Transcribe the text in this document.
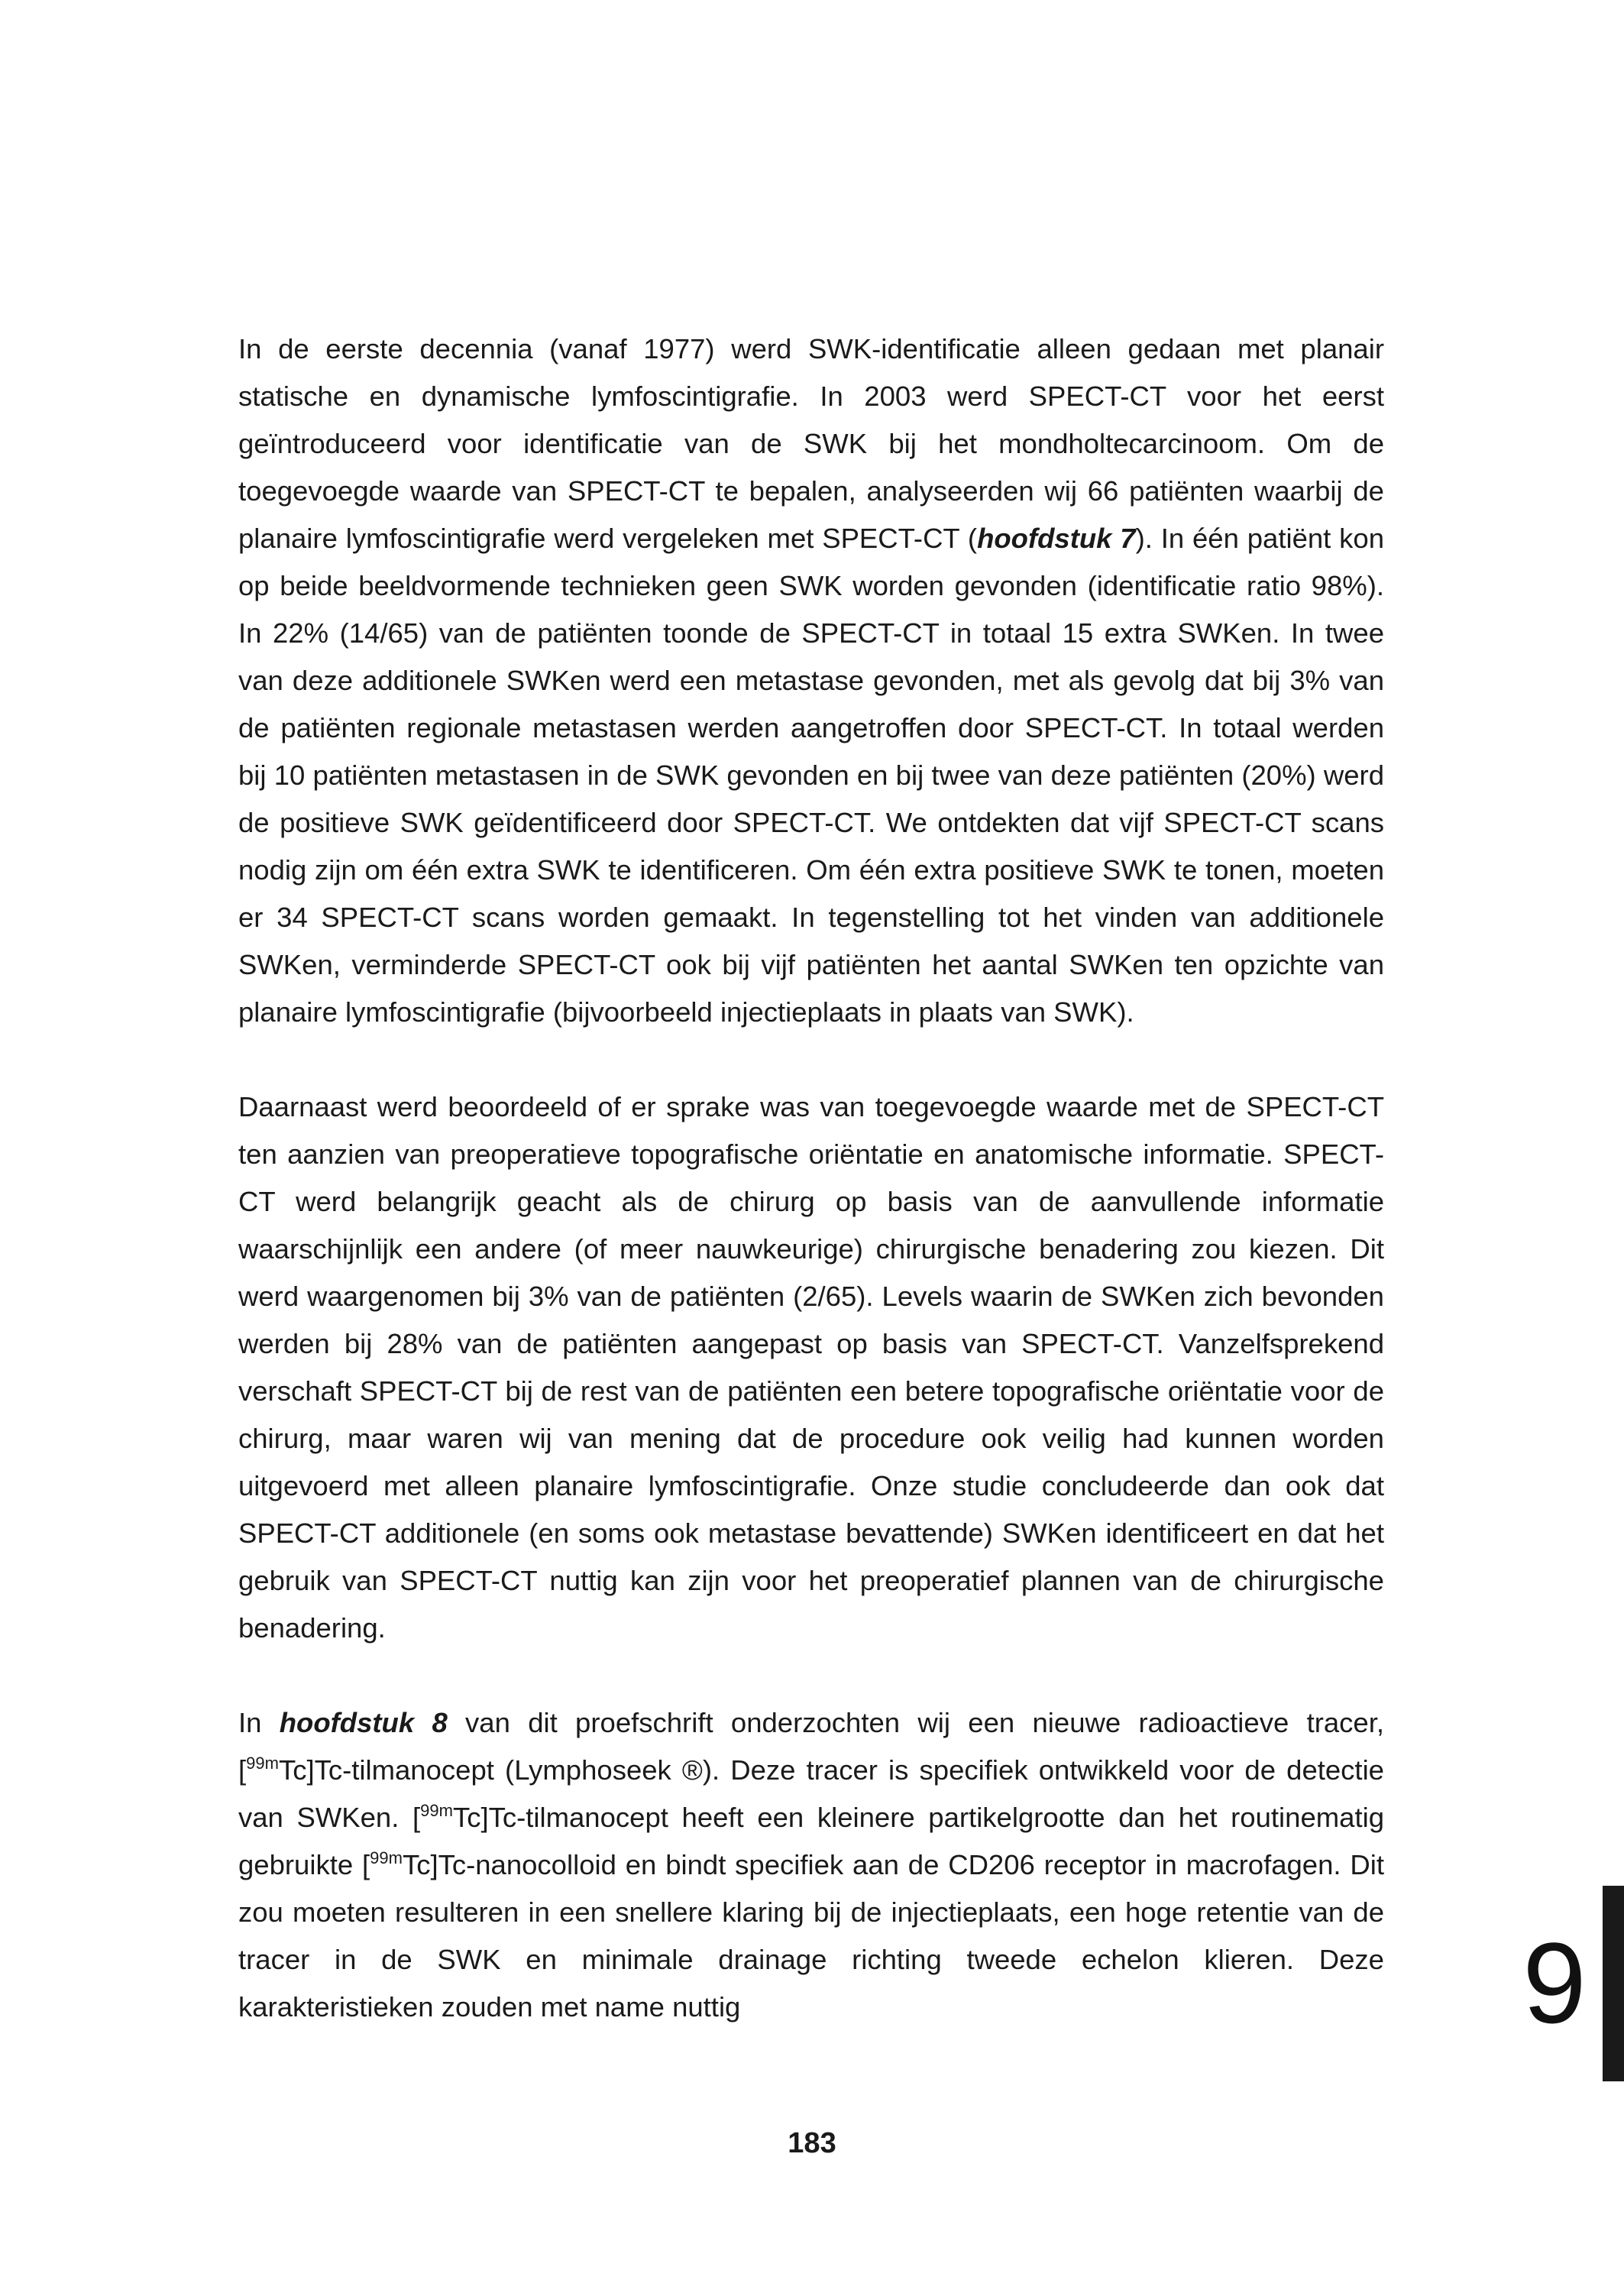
In de eerste decennia (vanaf 1977) werd SWK-identificatie alleen gedaan met planair statische en dynamische lymfoscintigrafie. In 2003 werd SPECT-CT voor het eerst geïntroduceerd voor identificatie van de SWK bij het mondholtecarcinoom. Om de toegevoegde waarde van SPECT-CT te bepalen, analyseerden wij 66 patiënten waarbij de planaire lymfoscintigrafie werd vergeleken met SPECT-CT (hoofdstuk 7). In één patiënt kon op beide beeldvormende technieken geen SWK worden gevonden (identificatie ratio 98%). In 22% (14/65) van de patiënten toonde de SPECT-CT in totaal 15 extra SWKen. In twee van deze additionele SWKen werd een metastase gevonden, met als gevolg dat bij 3% van de patiënten regionale metastasen werden aangetroffen door SPECT-CT. In totaal werden bij 10 patiënten metastasen in de SWK gevonden en bij twee van deze patiënten (20%) werd de positieve SWK geïdentificeerd door SPECT-CT. We ontdekten dat vijf SPECT-CT scans nodig zijn om één extra SWK te identificeren. Om één extra positieve SWK te tonen, moeten er 34 SPECT-CT scans worden gemaakt. In tegenstelling tot het vinden van additionele SWKen, verminderde SPECT-CT ook bij vijf patiënten het aantal SWKen ten opzichte van planaire lymfoscintigrafie (bijvoorbeeld injectieplaats in plaats van SWK).

Daarnaast werd beoordeeld of er sprake was van toegevoegde waarde met de SPECT-CT ten aanzien van preoperatieve topografische oriëntatie en anatomische informatie. SPECT-CT werd belangrijk geacht als de chirurg op basis van de aanvullende informatie waarschijnlijk een andere (of meer nauwkeurige) chirurgische benadering zou kiezen. Dit werd waargenomen bij 3% van de patiënten (2/65). Levels waarin de SWKen zich bevonden werden bij 28% van de patiënten aangepast op basis van SPECT-CT. Vanzelfsprekend verschaft SPECT-CT bij de rest van de patiënten een betere topografische oriëntatie voor de chirurg, maar waren wij van mening dat de procedure ook veilig had kunnen worden uitgevoerd met alleen planaire lymfoscintigrafie. Onze studie concludeerde dan ook dat SPECT-CT additionele (en soms ook metastase bevattende) SWKen identificeert en dat het gebruik van SPECT-CT nuttig kan zijn voor het preoperatief plannen van de chirurgische benadering.

In hoofdstuk 8 van dit proefschrift onderzochten wij een nieuwe radioactieve tracer, [$^{99m}$Tc]Tc-tilmanocept (Lymphoseek ®). Deze tracer is specifiek ontwikkeld voor de detectie van SWKen. [$^{99m}$Tc]Tc-tilmanocept heeft een kleinere partikelgrootte dan het routinematig gebruikte [$^{99m}$Tc]Tc-nanocolloid en bindt specifiek aan de CD206 receptor in macrofagen. Dit zou moeten resulteren in een snellere klaring bij de injectieplaats, een hoge retentie van de tracer in de SWK en minimale drainage richting tweede echelon klieren. Deze karakteristieken zouden met name nuttig	9
183
